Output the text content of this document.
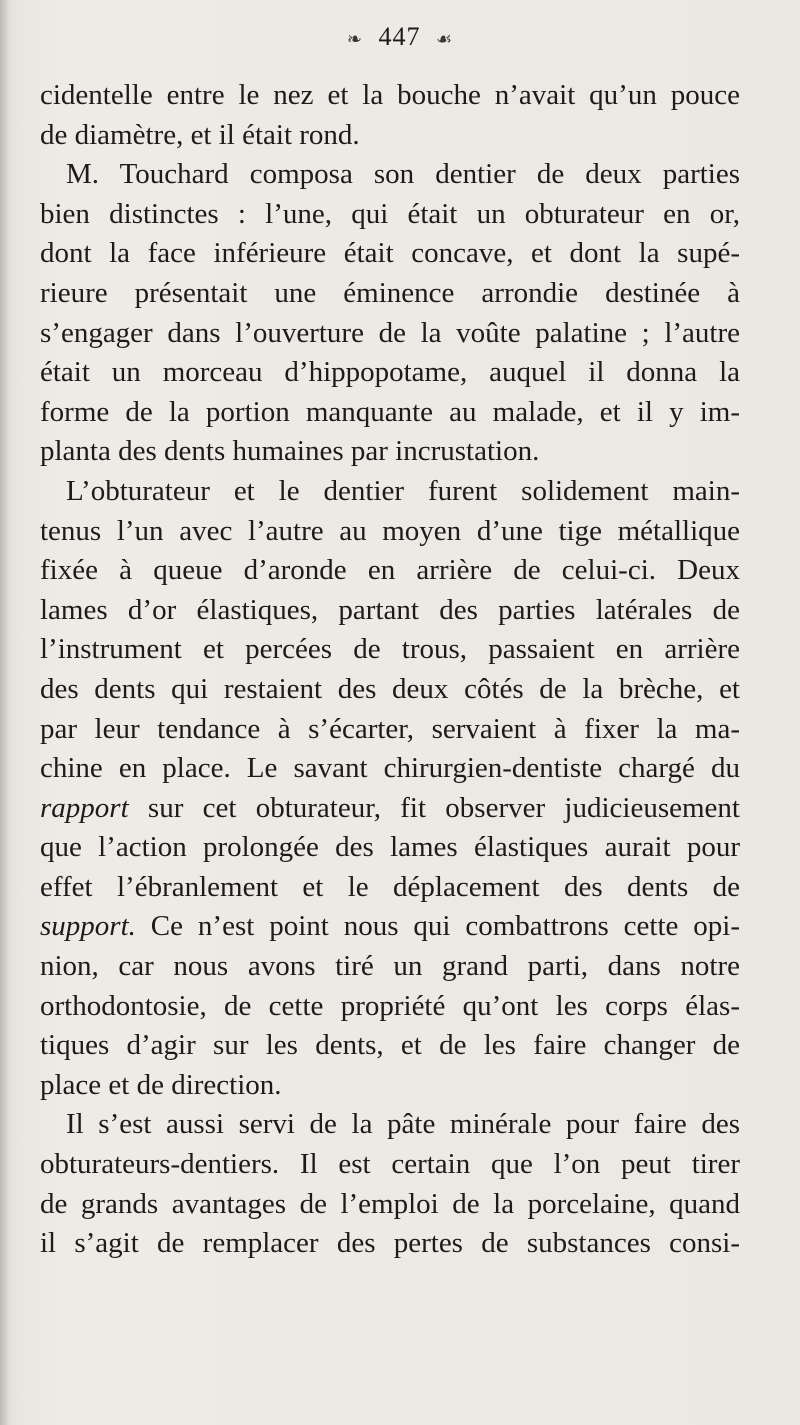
❧ 447 ☙
cidentelle entre le nez et la bouche n’avait qu’un pouce
de diamètre, et il était rond.
M. Touchard composa son dentier de deux parties
bien distinctes : l’une, qui était un obturateur en or,
dont la face inférieure était concave, et dont la supé-
rieure présentait une éminence arrondie destinée à
s’engager dans l’ouverture de la voûte palatine ; l’autre
était un morceau d’hippopotame, auquel il donna la
forme de la portion manquante au malade, et il y im-
planta des dents humaines par incrustation.
L’obturateur et le dentier furent solidement main-
tenus l’un avec l’autre au moyen d’une tige métallique
fixée à queue d’aronde en arrière de celui-ci. Deux
lames d’or élastiques, partant des parties latérales de
l’instrument et percées de trous, passaient en arrière
des dents qui restaient des deux côtés de la brèche, et
par leur tendance à s’écarter, servaient à fixer la ma-
chine en place. Le savant chirurgien-dentiste chargé du
rapport sur cet obturateur, fit observer judicieusement
que l’action prolongée des lames élastiques aurait pour
effet l’ébranlement et le déplacement des dents de
support. Ce n’est point nous qui combattrons cette opi-
nion, car nous avons tiré un grand parti, dans notre
orthodontosie, de cette propriété qu’ont les corps élas-
tiques d’agir sur les dents, et de les faire changer de
place et de direction.
Il s’est aussi servi de la pâte minérale pour faire des
obturateurs-dentiers. Il est certain que l’on peut tirer
de grands avantages de l’emploi de la porcelaine, quand
il s’agit de remplacer des pertes de substances consi-
